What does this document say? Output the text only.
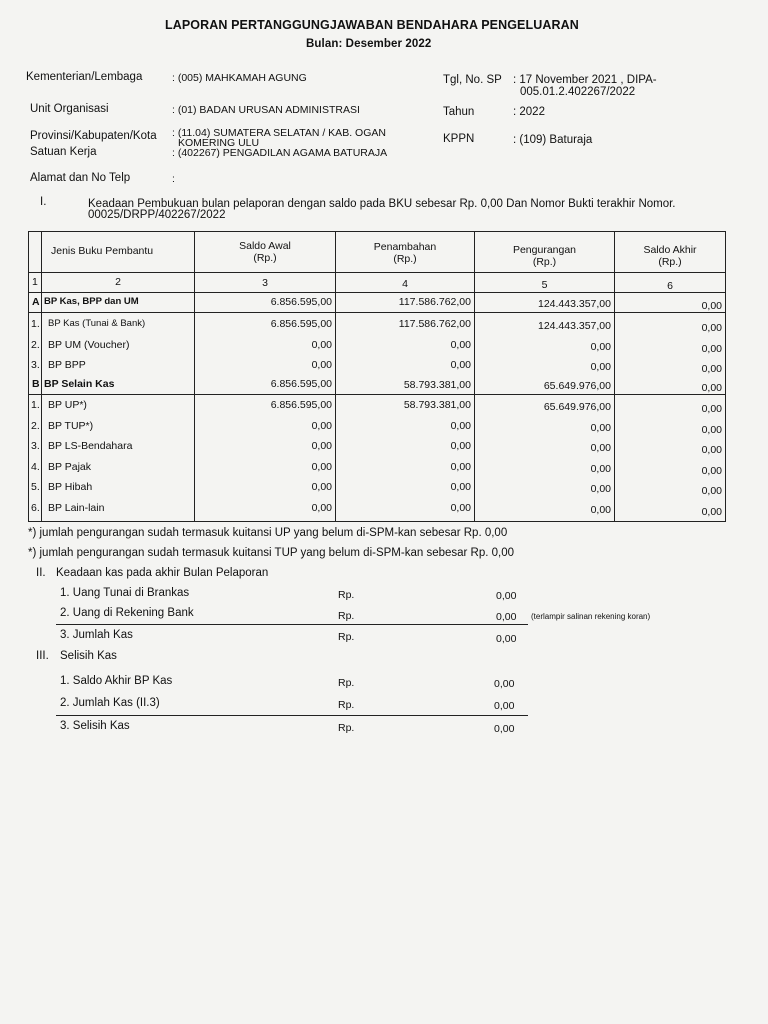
LAPORAN PERTANGGUNGJAWABAN BENDAHARA PENGELUARAN
Bulan: Desember 2022
Kementerian/Lembaga	: (005) MAHKAMAH AGUNG
Unit Organisasi	: (01) BADAN URUSAN ADMINISTRASI
Provinsi/Kabupaten/Kota : (11.04) SUMATERA SELATAN / KAB. OGAN
KOMERING ULU
Satuan Kerja	: (402267) PENGADILAN AGAMA BATURAJA
Alamat dan No Telp	:
Tgl, No. SP : 17 November 2021 , DIPA-
005.01.2.402267/2022
Tahun	: 2022
KPPN	: (109) Baturaja
I.	Keadaan Pembukuan bulan pelaporan dengan saldo pada BKU sebesar Rp. 0,00 Dan Nomor Bukti terakhir Nomor.
00025/DRPP/402267/2022
Jenis Buku Pembantu	Saldo Awal
(Rp.)
Penambahan
(Rp.)
Pengurangan
(Rp.)
Saldo Akhir
(Rp.)
1	2	3	4	5	6
A BP Kas, BPP dan UM	6.856.595,00	117.586.762,00	124.443.357,00	0,00
1. BP Kas (Tunai & Bank)	6.856.595,00	117.586.762,00	124.443.357,00	0,00
2. BP UM (Voucher)	0,00	0,00	0,00	0,00
3. BP BPP	0,00	0,00	0,00	0,00
B BP Selain Kas	6.856.595,00	58.793.381,00	65.649.976,00	0,00
1. BP UP*)	6.856.595,00	58.793.381,00	65.649.976,00	0,00
2. BP TUP*)	0,00	0,00	0,00	0,00
3. BP LS-Bendahara	0,00	0,00	0,00	0,00
4. BP Pajak	0,00	0,00	0,00	0,00
5. BP Hibah	0,00	0,00	0,00	0,00
6. BP Lain-lain	0,00	0,00	0,00	0,00
*) jumlah pengurangan sudah termasuk kuitansi UP yang belum di-SPM-kan sebesar Rp. 0,00
*) jumlah pengurangan sudah termasuk kuitansi TUP yang belum di-SPM-kan sebesar Rp. 0,00
II. Keadaan kas pada akhir Bulan Pelaporan
1. Uang Tunai di Brankas	Rp.	0,00
2. Uang di Rekening Bank	Rp.	0,00 (terlampir salinan rekening koran)
3. Jumlah Kas	Rp.	0,00
III. Selisih Kas
1. Saldo Akhir BP Kas	Rp.	0,00
2. Jumlah Kas (II.3)	Rp.	0,00
3. Selisih Kas	Rp.	0,00
